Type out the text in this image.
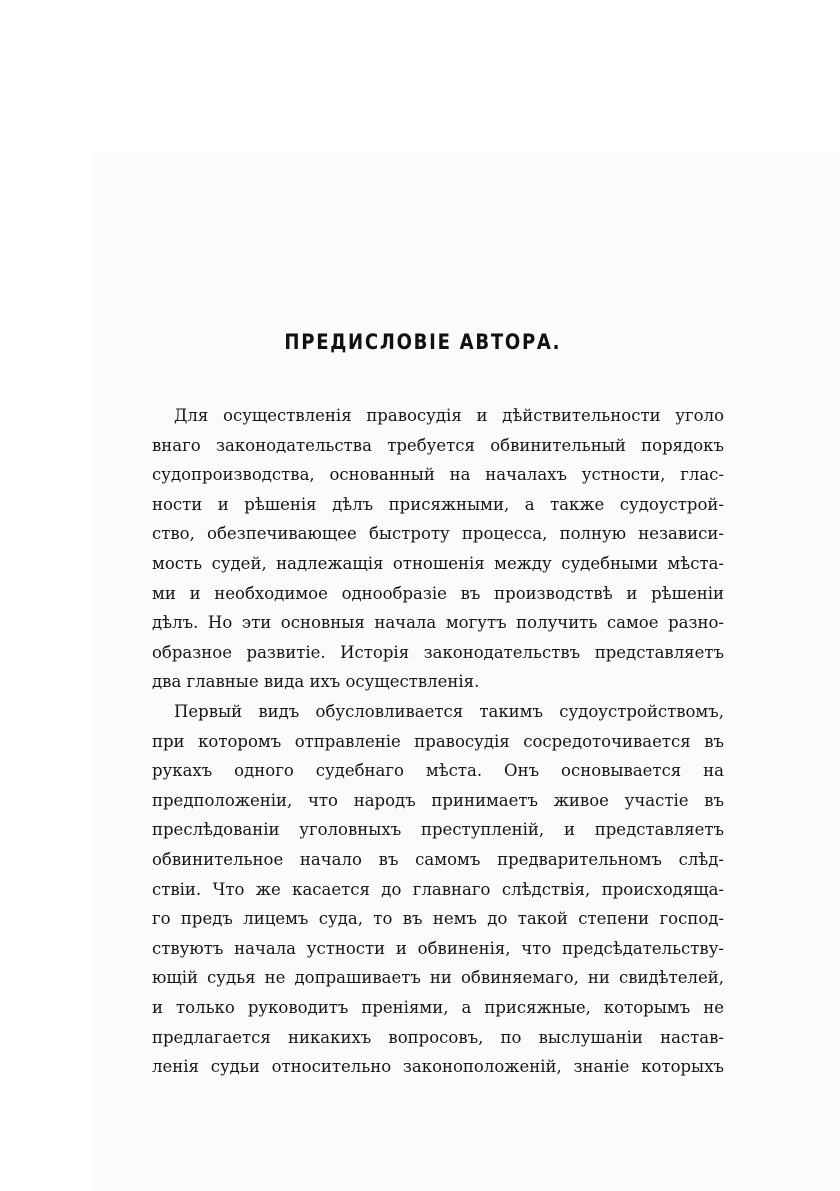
ПРЕДИСЛОВІЕ АВТОРА.
Для осуществленія правосудія и дѣйствительности уголо
внаго законодательства требуется обвинительный порядокъ
судопроизводства, основанный на началахъ устности, глас-
ности и рѣшенія дѣлъ присяжными, а также судоустрой-
ство, обезпечивающее быстроту процесса, полную независи-
мость судей, надлежащія отношенія между судебными мѣста-
ми и необходимое однообразіе въ производствѣ и рѣшеніи
дѣлъ. Но эти основныя начала могутъ получить самое разно-
образное развитіе. Исторія законодательствъ представляетъ
два главные вида ихъ осуществленія.
Первый видъ обусловливается такимъ судоустройствомъ,
при которомъ отправленіе правосудія сосредоточивается въ
рукахъ одного судебнаго мѣста. Онъ основывается на
предположеніи, что народъ принимаетъ живое участіе въ
преслѣдованіи уголовныхъ преступленій, и представляетъ
обвинительное начало въ самомъ предварительномъ слѣд-
ствіи. Что же касается до главнаго слѣдствія, происходяща-
го предъ лицемъ суда, то въ немъ до такой степени господ-
ствуютъ начала устности и обвиненія, что предсѣдательству-
ющій судья не допрашиваетъ ни обвиняемаго, ни свидѣтелей,
и только руководитъ преніями, а присяжные, которымъ не
предлагается никакихъ вопросовъ, по выслушаніи настав-
ленія судьи относительно законоположеній, знаніе которыхъ
